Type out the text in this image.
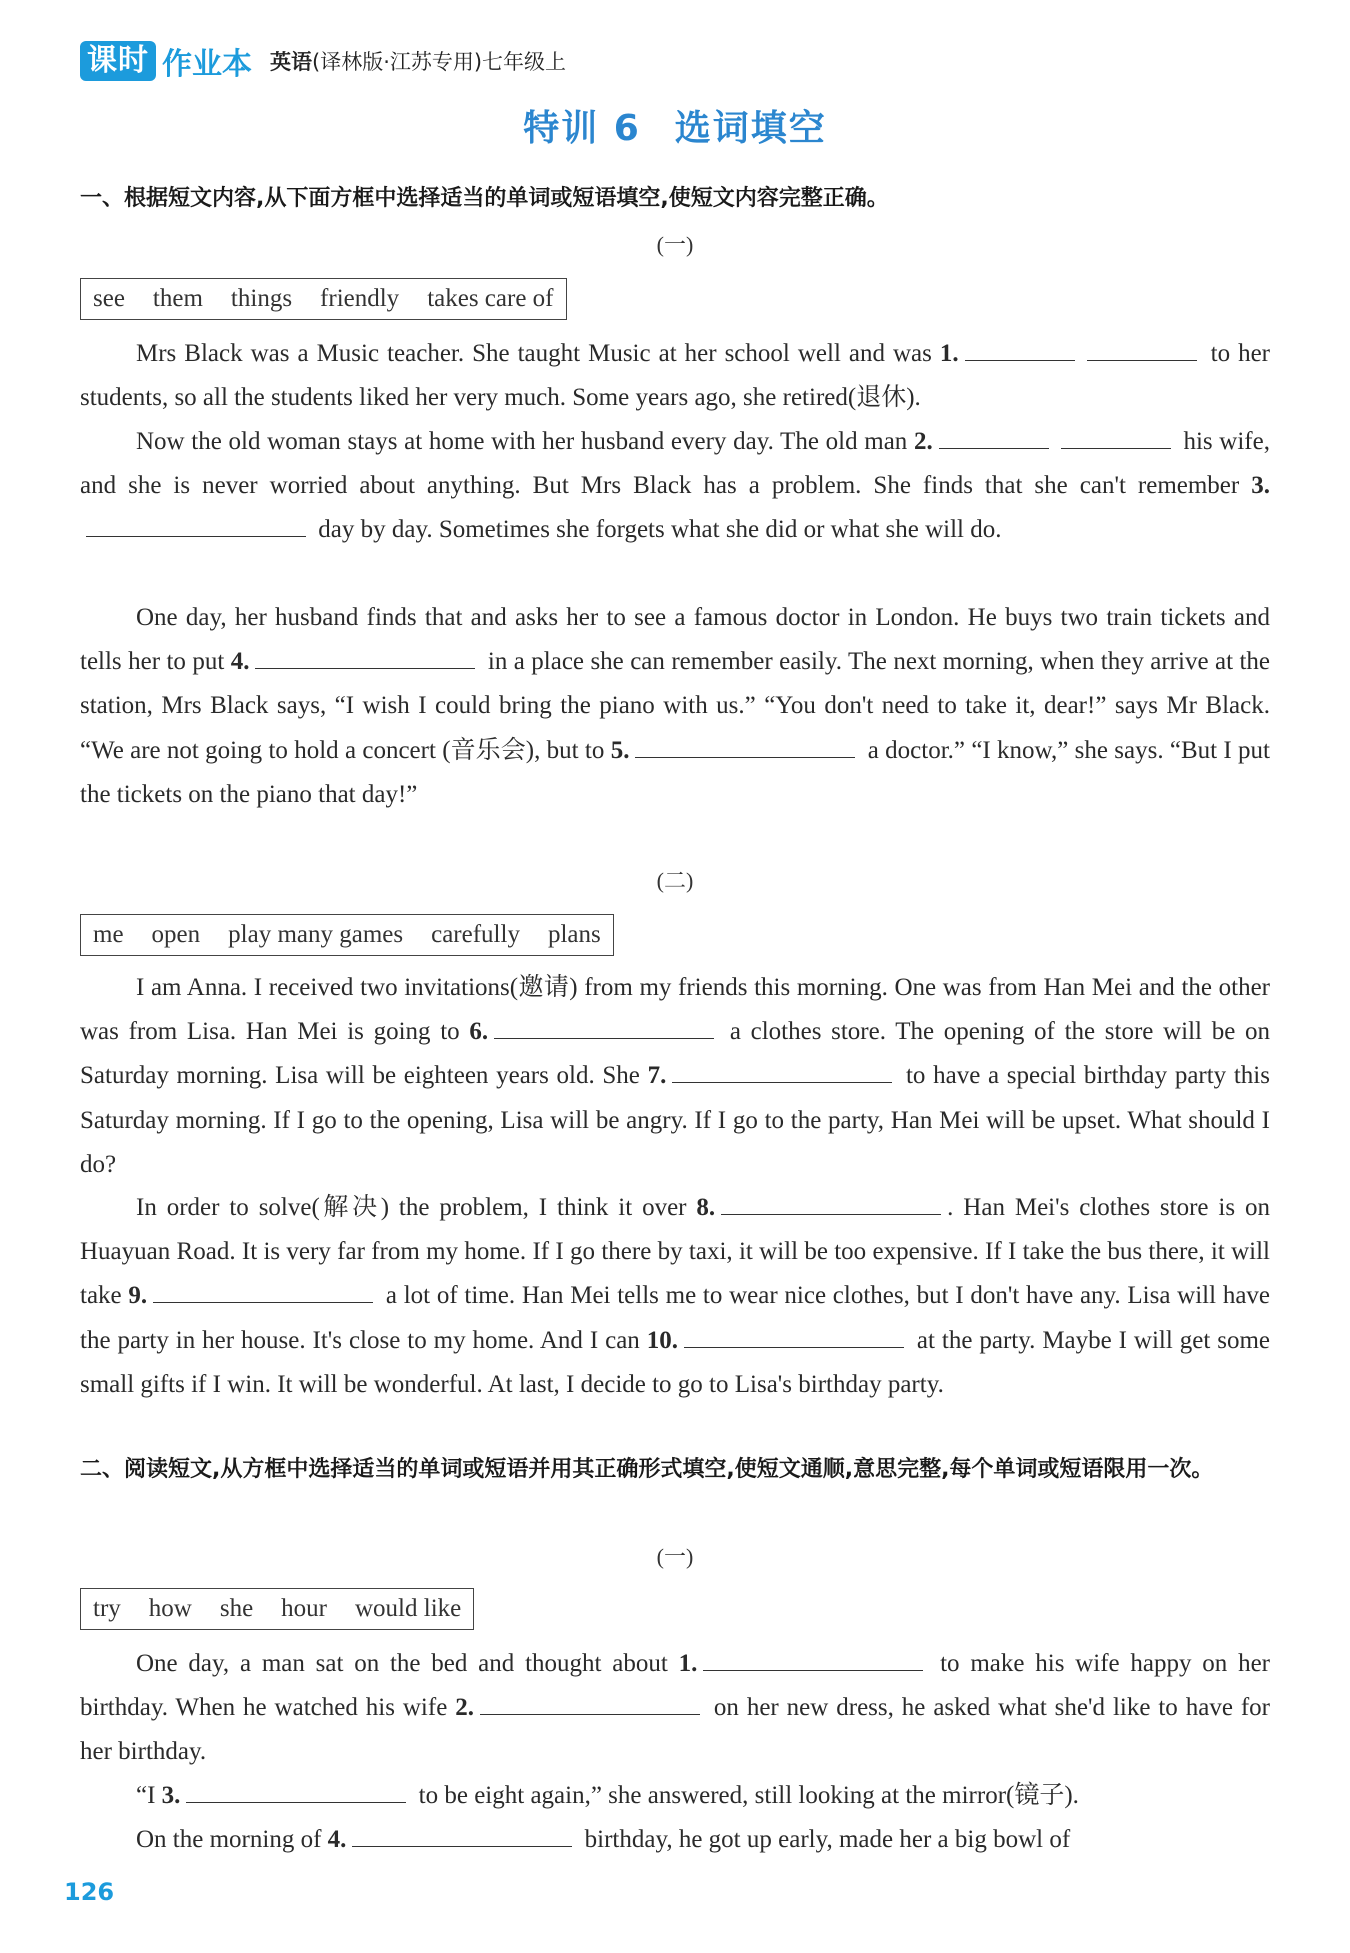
课时 作业本 英语(译林版·江苏专用)七年级上
特训 6 选词填空
一、根据短文内容,从下面方框中选择适当的单词或短语填空,使短文内容完整正确。
(一)
see them things friendly takes care of
Mrs Black was a Music teacher. She taught Music at her school well and was 1.	to her students, so all the students liked her very much. Some years ago, she retired(退休).
Now the old woman stays at home with her husband every day. The old man 2.	his wife, and she is never worried about anything. But Mrs Black has a problem. She finds that she can't remember 3. day by day. Sometimes she forgets what she did or what she will do.
One day, her husband finds that and asks her to see a famous doctor in London. He buys two train tickets and tells her to put 4.	in a place she can remember easily. The next morning, when they arrive at the station, Mrs Black says, “I wish I could bring the piano with us.” “You don't need to take it, dear!” says Mr Black. “We are not going to hold a concert (音乐会), but to 5.	a doctor.” “I know,” she says. “But I put the tickets on the piano that day!”
(二)
me open play many games carefully plans
I am Anna. I received two invitations(邀请) from my friends this morning. One was from Han Mei and the other was from Lisa. Han Mei is going to 6.	a clothes store. The opening of the store will be on Saturday morning. Lisa will be eighteen years old. She 7.	to have a special birthday party this Saturday morning. If I go to the opening, Lisa will be angry. If I go to the party, Han Mei will be upset. What should I do?
In order to solve(解决) the problem, I think it over 8.	. Han Mei's clothes store is on Huayuan Road. It is very far from my home. If I go there by taxi, it will be too expensive. If I take the bus there, it will take 9.	a lot of time. Han Mei tells me to wear nice clothes, but I don't have any. Lisa will have the party in her house. It's close to my home. And I can 10.	at the party. Maybe I will get some small gifts if I win. It will be wonderful. At last, I decide to go to Lisa's birthday party.
二、阅读短文,从方框中选择适当的单词或短语并用其正确形式填空,使短文通顺,意思完整,每个单词或短语限用一次。
(一)
try how she hour would like
One day, a man sat on the bed and thought about 1.	to make his wife happy on her birthday. When he watched his wife 2.	on her new dress, he asked what she'd like to have for her birthday.
“I 3.	to be eight again,” she answered, still looking at the mirror(镜子).
On the morning of 4.	birthday, he got up early, made her a big bowl of
126
